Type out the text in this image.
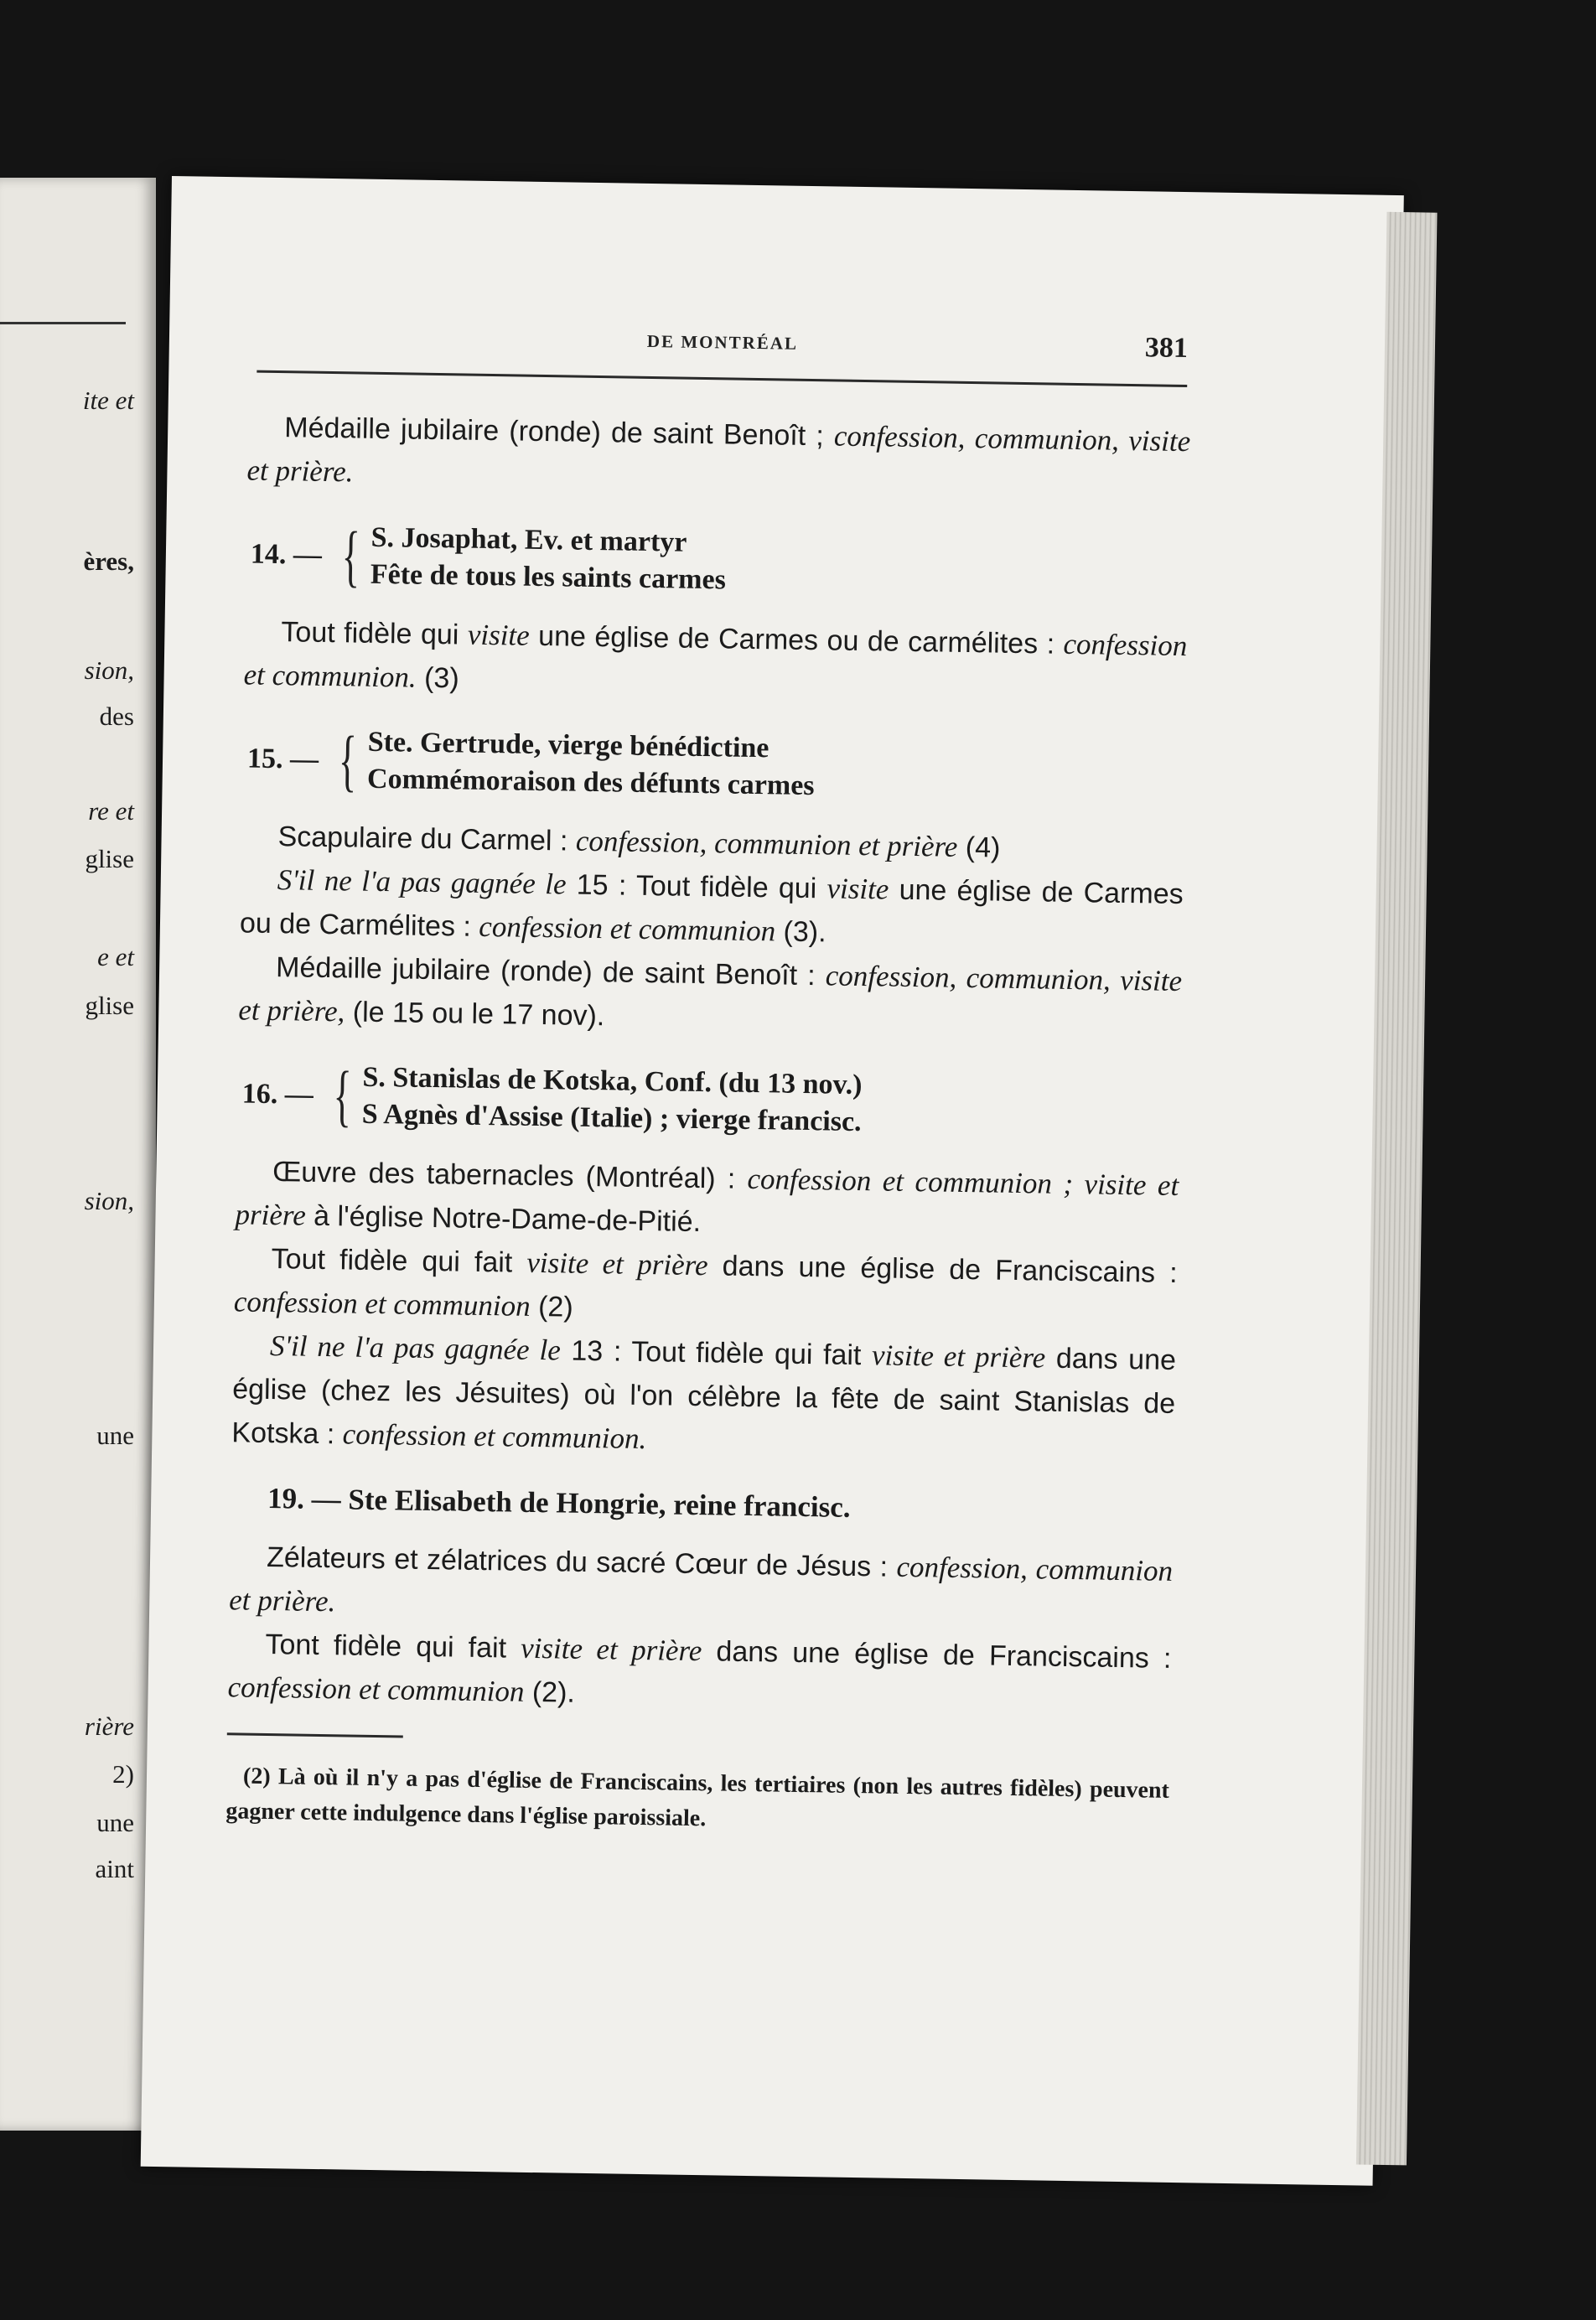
ite et
ères,
sion,
des
re et
glise
e et
glise
sion,
une
rière
2)
une
aint
DE MONTRÉAL	381

Médaille jubilaire (ronde) de saint Benoît ; confession, communion, visite et prière.

14. — { S. Josaphat, Ev. et martyr
Fête de tous les saints carmes

Tout fidèle qui visite une église de Carmes ou de carmélites : confession et communion. (3)

15. — { Ste. Gertrude, vierge bénédictine
Commémoraison des défunts carmes

Scapulaire du Carmel : confession, communion et prière (4)

S'il ne l'a pas gagnée le 15 : Tout fidèle qui visite une église de Carmes ou de Carmélites : confession et communion (3).

Médaille jubilaire (ronde) de saint Benoît : confession, communion, visite et prière, (le 15 ou le 17 nov).

16. — { S. Stanislas de Kotska, Conf. (du 13 nov.)
S Agnès d'Assise (Italie) ; vierge francisc.

Œuvre des tabernacles (Montréal) : confession et communion ; visite et prière à l'église Notre-Dame-de-Pitié.

Tout fidèle qui fait visite et prière dans une église de Franciscains : confession et communion (2)

S'il ne l'a pas gagnée le 13 : Tout fidèle qui fait visite et prière dans une église (chez les Jésuites) où l'on célèbre la fête de saint Stanislas de Kotska : confession et communion.

19. — Ste Elisabeth de Hongrie, reine francisc.

Zélateurs et zélatrices du sacré Cœur de Jésus : confession, communion et prière.

Tont fidèle qui fait visite et prière dans une église de Franciscains : confession et communion (2).

(2) Là où il n'y a pas d'église de Franciscains, les tertiaires (non les autres fidèles) peuvent gagner cette indulgence dans l'église paroissiale.
